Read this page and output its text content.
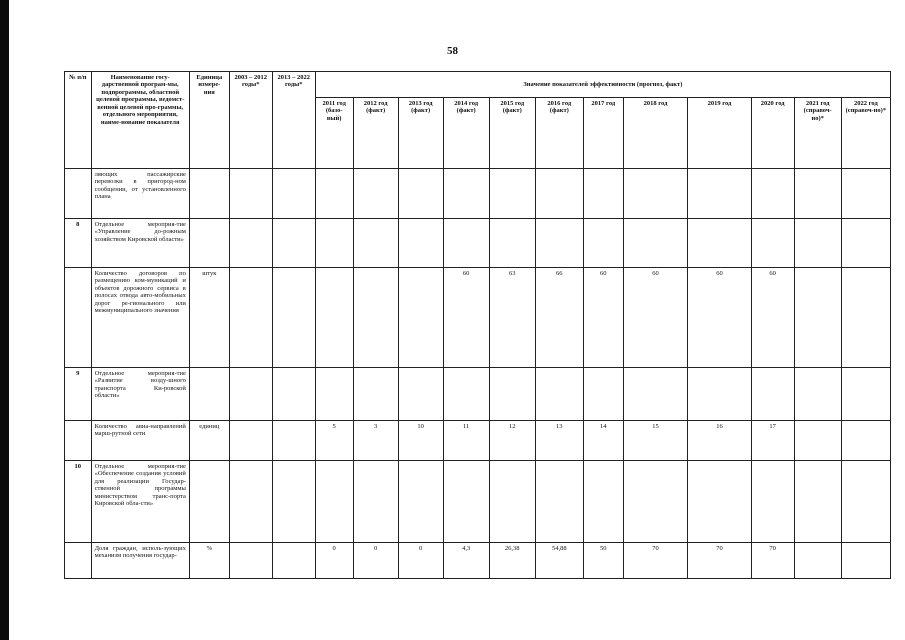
58
№ п/п	Наименование госу-дарственной програм-мы, подпрограммы, областной целевой программы, ведомст-венной целевой про-граммы, отдельного мероприятия, наиме-нование показателя	Единица измере-ния	2003 – 2012 годы*	2013 – 2022 годы*	Значение показателей эффективности (прогноз, факт)											
					2011 год (базо-вый)	2012 год (факт)	2013 год (факт)	2014 год (факт)	2015 год (факт)	2016 год (факт)	2017 год	2018 год	2019 год	2020 год	2021 год (справоч-но)*	2022 год (справоч-но)*
	ляющих пассажирские перевозки в пригород-ном сообщении, от установленного плана															
8	Отдельное мероприя-тие «Управление до-рожным хозяйством Кировской области»															
	Количество договоров по размещению ком-муникаций и объектов дорожного сервиса в полосах отвода авто-мобильных дорог ре-гионального или межмуниципального значения	штук						60	63	66	60	60	60	60		
9	Отдельное мероприя-тие «Развитие возду-шного транспорта Ки-ровской области»															
	Количество авиа-направлений марш-рутной сети	единиц			5	3	10	11	12	13	14	15	16	17		
10	Отдельное мероприя-тие «Обеспечение создания условий для реализации Государ-ственной программы министерством транс-порта Кировской обла-сти»															
	Доля граждан, исполь-зующих механизм получения государ-	%			0	0	0	4,3	26,38	54,88	50	70	70	70		
